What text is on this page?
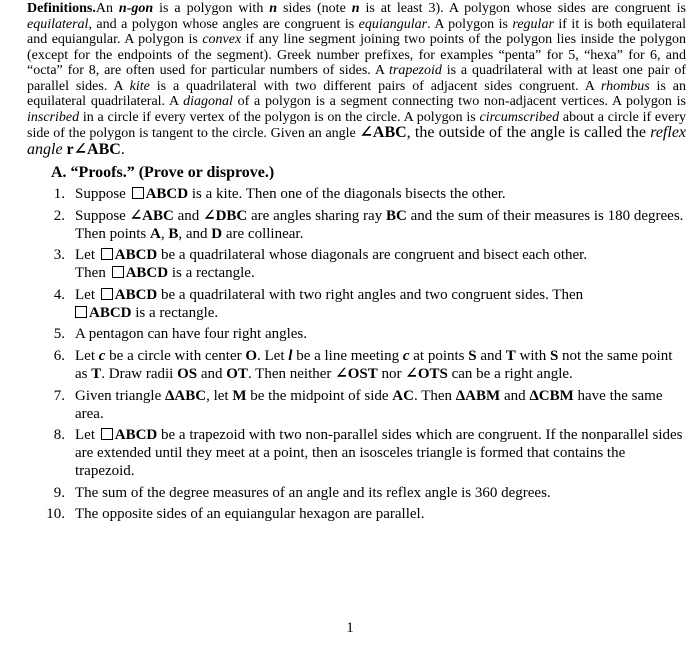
Definitions.An n-gon is a polygon with n sides (note n is at least 3). A polygon whose sides are congruent is equilateral, and a polygon whose angles are congruent is equiangular. A polygon is regular if it is both equilateral and equiangular. A polygon is convex if any line segment joining two points of the polygon lies inside the polygon (except for the endpoints of the segment). Greek number prefixes, for examples “penta” for 5, “hexa” for 6, and “octa” for 8, are often used for particular numbers of sides. A trapezoid is a quadrilateral with at least one pair of parallel sides. A kite is a quadrilateral with two different pairs of adjacent sides congruent. A rhombus is an equilateral quadrilateral. A diagonal of a polygon is a segment connecting two non-adjacent vertices. A polygon is inscribed in a circle if every vertex of the polygon is on the circle. A polygon is circumscribed about a circle if every side of the polygon is tangent to the circle. Given an angle ∠ABC, the outside of the angle is called the reflex angle r∠ABC.

A. “Proofs.” (Prove or disprove.)
1. Suppose ABCD is a kite. Then one of the diagonals bisects the other.
2. Suppose ∠ABC and ∠DBC are angles sharing ray BC and the sum of their measures is 180 degrees. Then points A, B, and D are collinear.
3. Let ABCD be a quadrilateral whose diagonals are congruent and bisect each other.
Then ABCD is a rectangle.
4. Let ABCD be a quadrilateral with two right angles and two congruent sides. Then
ABCD is a rectangle.
5. A pentagon can have four right angles.
6. Let c be a circle with center O. Let l be a line meeting c at points S and T with S not the same point as T. Draw radii OS and OT. Then neither ∠OST nor ∠OTS can be a right angle.
7. Given triangle ΔABC, let M be the midpoint of side AC. Then ΔABM and ΔCBM have the same area.
8. Let ABCD be a trapezoid with two non-parallel sides which are congruent. If the nonparallel sides are extended until they meet at a point, then an isosceles triangle is formed that contains the trapezoid.
9. The sum of the degree measures of an angle and its reflex angle is 360 degrees.
10. The opposite sides of an equiangular hexagon are parallel.
1
